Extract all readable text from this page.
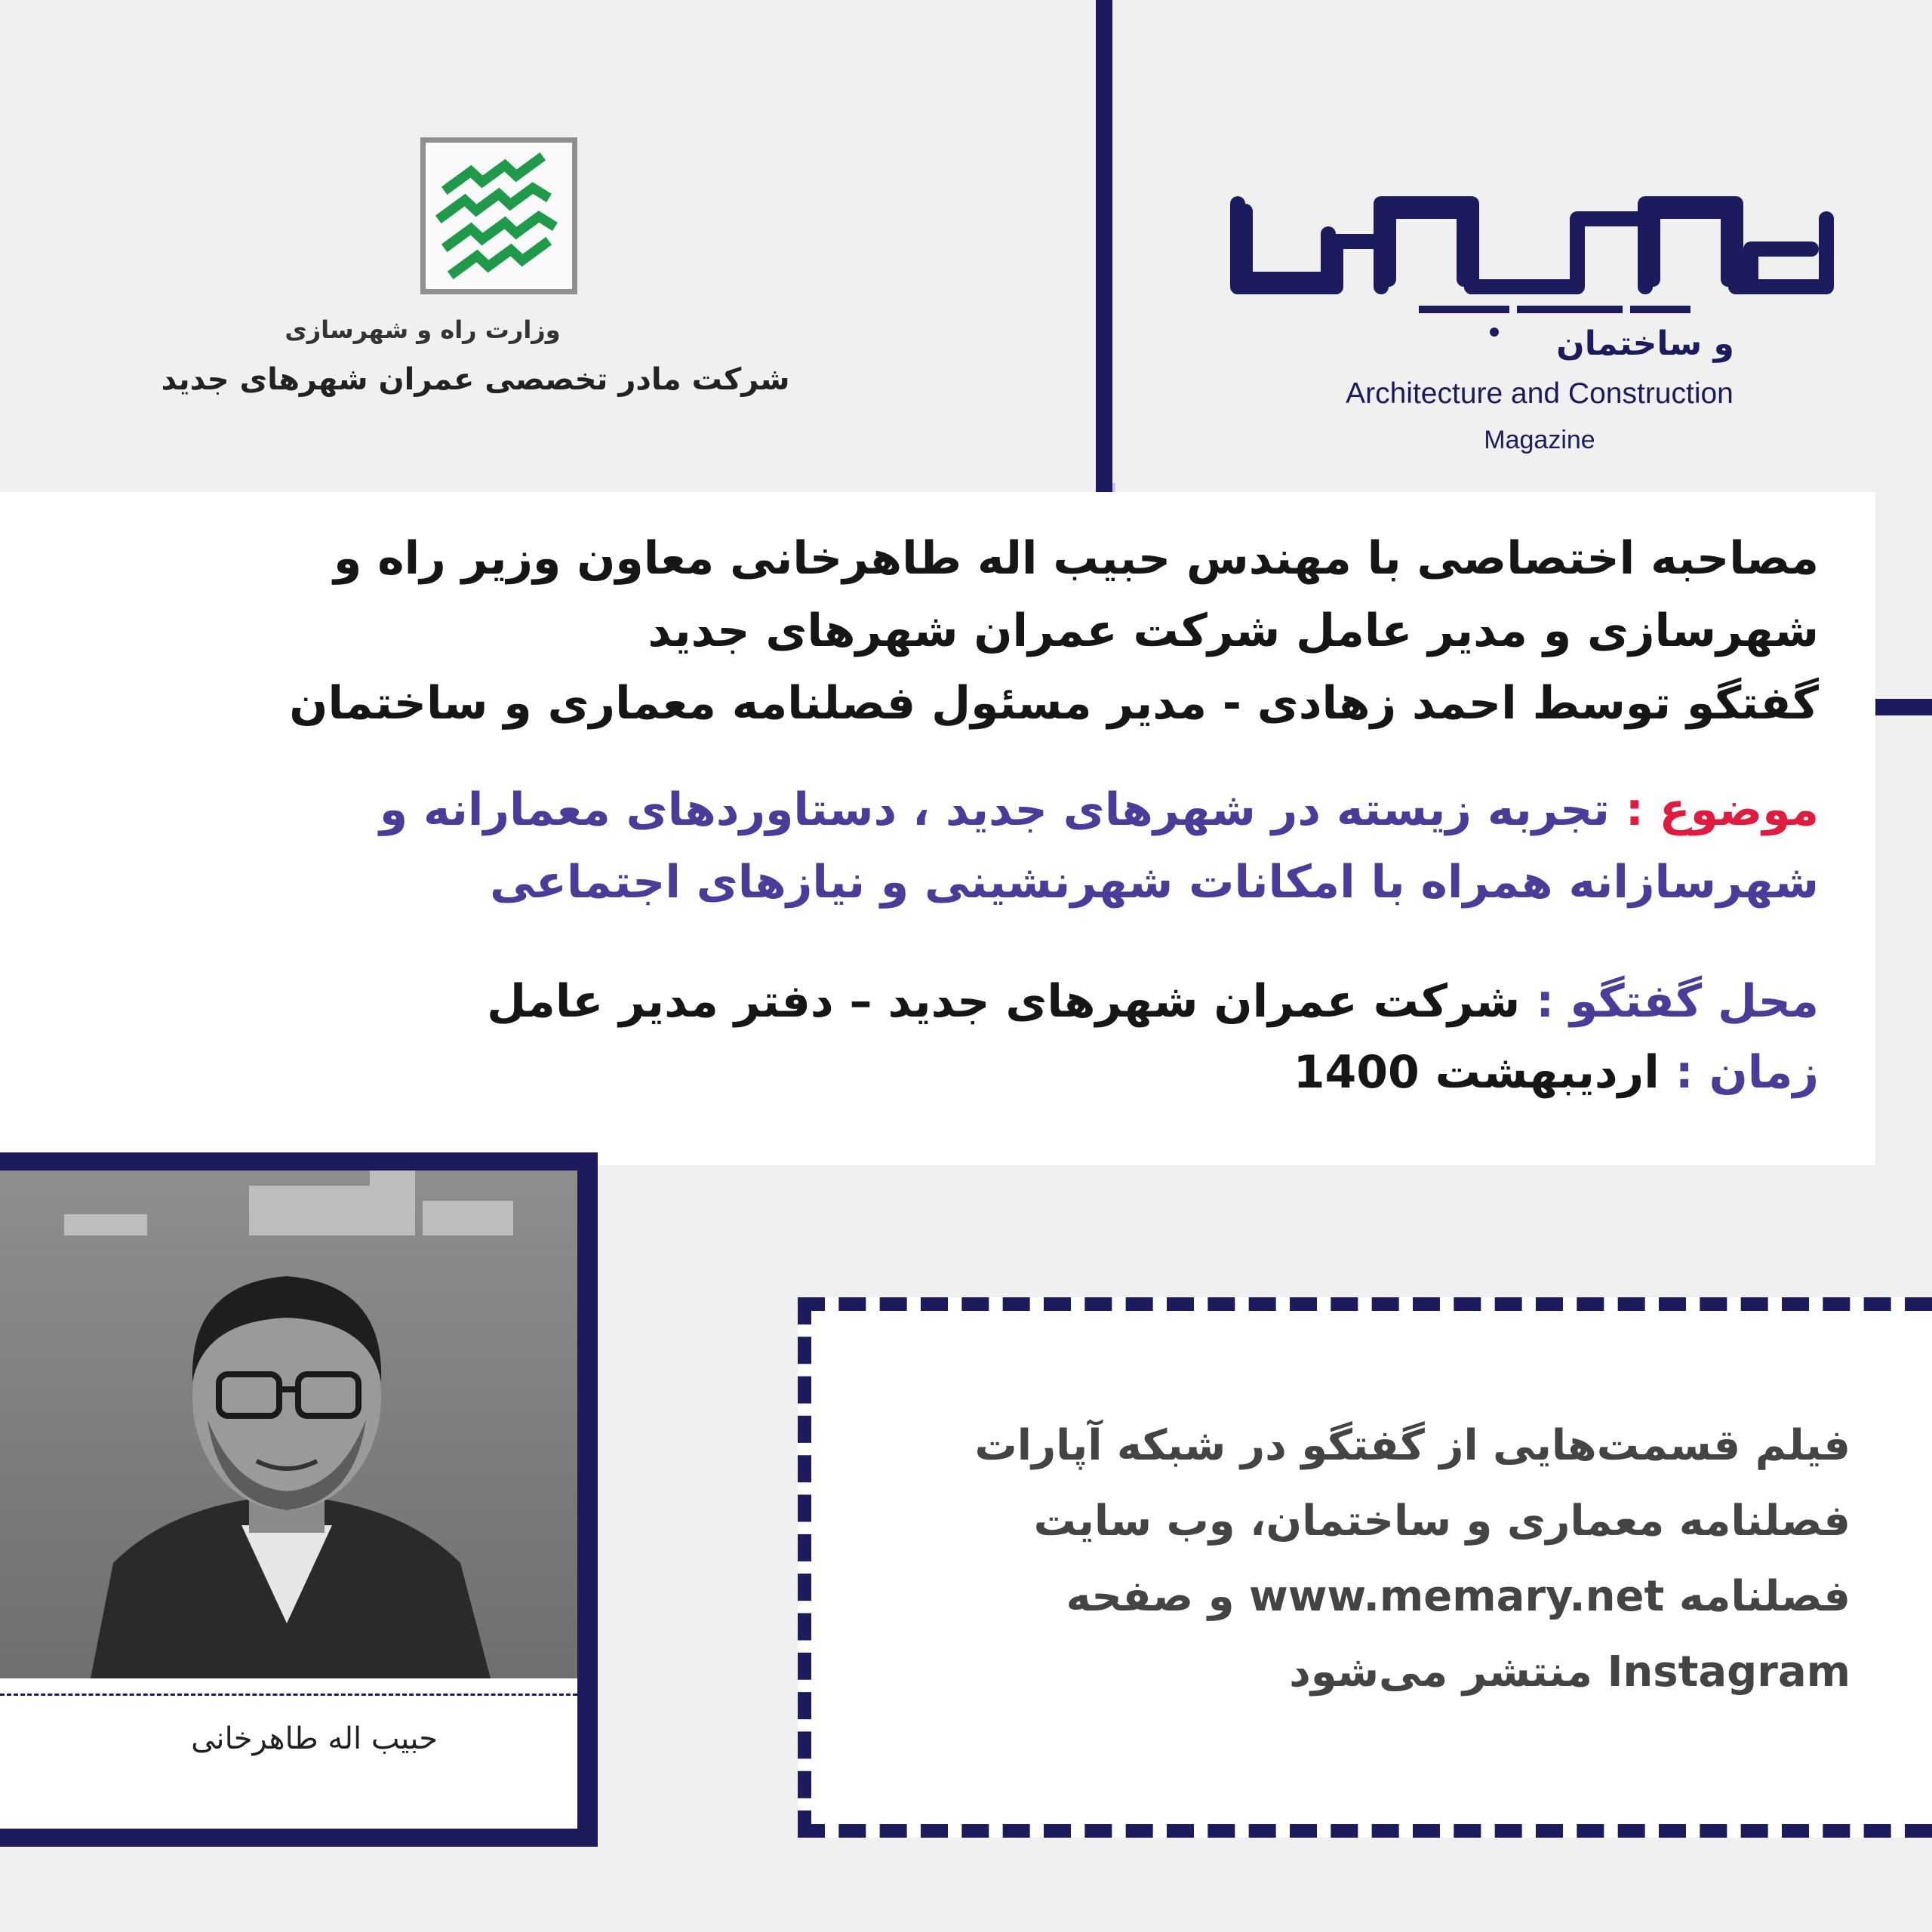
وزارت راه و شهرسازی
شرکت مادر تخصصی عمران شهرهای جدید
و ساختمان
Architecture and Construction
Magazine
مصاحبه اختصاصی با مهندس حبیب اله طاهرخانی معاون وزیر راه و
شهرسازی و مدیر عامل شرکت عمران شهرهای جدید
گفتگو توسط احمد زهادی - مدیر مسئول فصلنامه معماری و ساختمان
موضوع : تجربه زیسته در شهرهای جدید ، دستاوردهای معمارانه و
شهرسازانه همراه با امکانات شهرنشینی و نیازهای اجتماعی
محل گفتگو : شرکت عمران شهرهای جدید – دفتر مدیر عامل
زمان : اردیبهشت 1400
حبیب اله طاهرخانی
فیلم قسمت‌هایی از گفتگو در شبکه آپارات
فصلنامه معماری و ساختمان، وب سایت
فصلنامه www.memary.net و صفحه
Instagram منتشر می‌شود
